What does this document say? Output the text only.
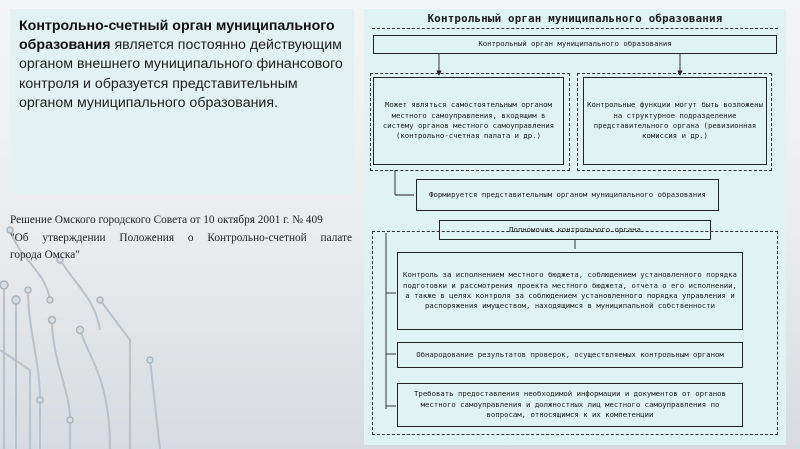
Контрольно-счетный орган муниципального образования является постоянно действующим органом внешнего муниципального финансового контроля и образуется представительным органом муниципального образования.

Решение Омского городского Совета от 10 октября 2001 г. № 409
"Об утверждении Положения о Контрольно-счетной палате
города Омска"

Контрольный орган муниципального образования
Контрольный орган муниципального образования
Может являться самостоятельным органом местного самоуправления, входящим в систему органов местного самоуправления (контрольно-счетная палата и др.)
Контрольные функции могут быть возложены на структурное подразделение представительного органа (ревизионная комиссия и др.)
Формируется представительным органом муниципального образования
Полномочия контрольного органа
Контроль за исполнением местного бюджета, соблюдением установленного порядка подготовки и рассмотрения проекта местного бюджета, отчета о его исполнении, а также в целях контроля за соблюдением установленного порядка управления и распоряжения имуществом, находящимся в муниципальной собственности
Обнародование результатов проверок, осуществляемых контрольным органом
Требовать предоставления необходимой информации и документов от органов местного самоуправления и должностных лиц местного самоуправления по вопросам, относящимся к их компетенции
